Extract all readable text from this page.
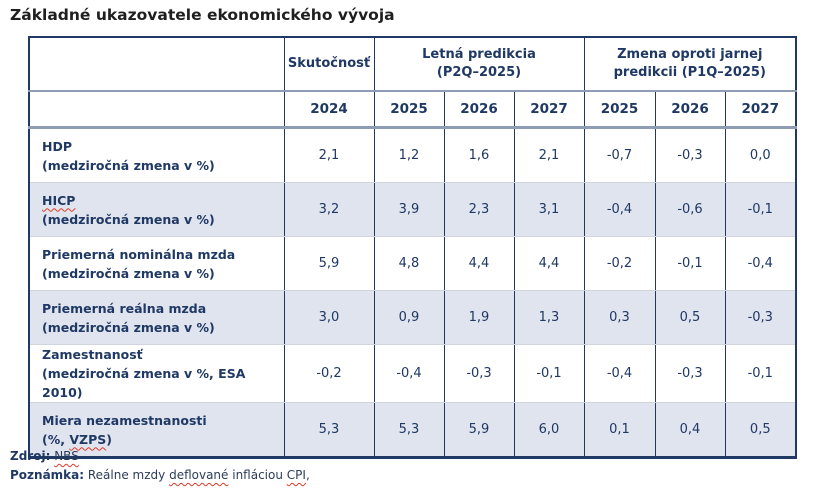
Základné ukazovatele ekonomického vývoja
	Skutočnosť	
Letná predikcia
(P2Q–2025)

Zmena oproti jarnej
predikcii (P1Q–2025)

	2024	2025	2026	2027	2025	2026	2027

HDP
(medziročná zmena v %)	2,1	1,2	1,6	2,1	-0,7	-0,3	0,0

HICP
(medziročná zmena v %)	3,2	3,9	2,3	3,1	-0,4	-0,6	-0,1

Priemerná nominálna mzda
(medziročná zmena v %)	5,9	4,8	4,4	4,4	-0,2	-0,1	-0,4

Priemerná reálna mzda
(medziročná zmena v %)	3,0	0,9	1,9	1,3	0,3	0,5	-0,3

Zamestnanosť
(medziročná zmena v %, ESA 2010)	-0,2	-0,4	-0,3	-0,1	-0,4	-0,3	-0,1

Miera nezamestnanosti
(%, VZPS)	5,3	5,3	5,9	6,0	0,1	0,4	0,5
Zdroj: NBS
Poznámka: Reálne mzdy deflované infláciou CPI,
